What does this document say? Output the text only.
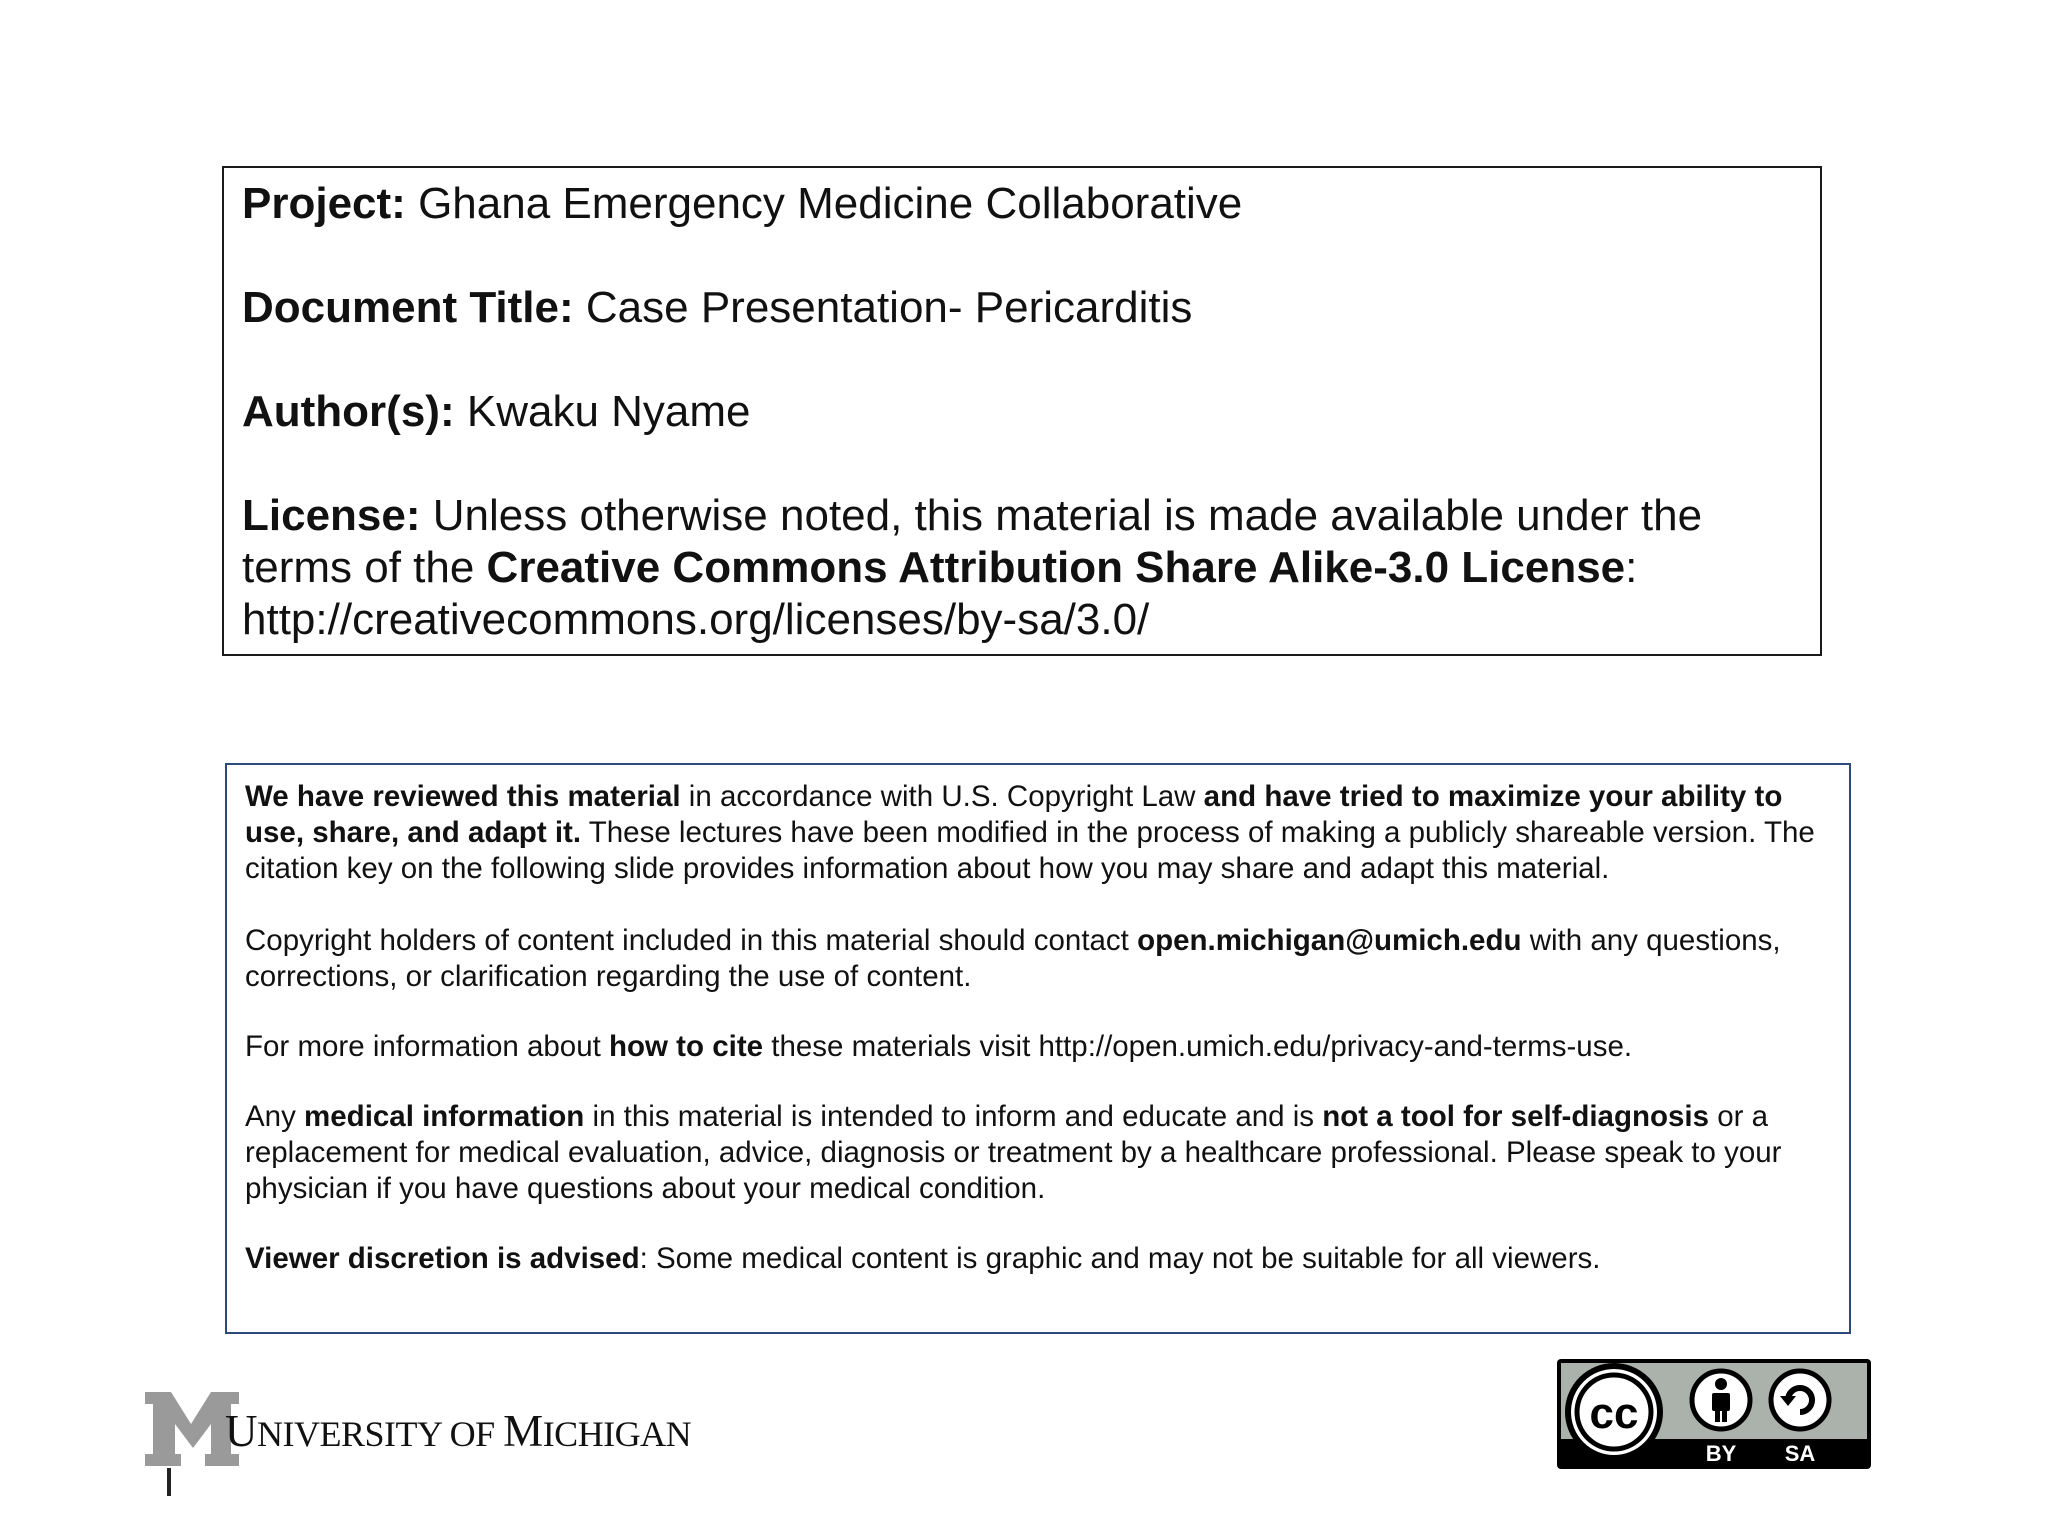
Project: Ghana Emergency Medicine Collaborative

Document Title: Case Presentation- Pericarditis

Author(s): Kwaku Nyame

License: Unless otherwise noted, this material is made available under the

terms of the Creative Commons Attribution Share Alike-3.0 License:

http://creativecommons.org/licenses/by-sa/3.0/

We have reviewed this material in accordance with U.S. Copyright Law and have tried to maximize your ability to use, share, and adapt it. These lectures have been modified in the process of making a publicly shareable version. The citation key on the following slide provides information about how you may share and adapt this material.

Copyright holders of content included in this material should contact open.michigan@umich.edu with any questions, corrections, or clarification regarding the use of content.

For more information about how to cite these materials visit http://open.umich.edu/privacy-and-terms-use.

Any medical information in this material is intended to inform and educate and is not a tool for self-diagnosis or a replacement for medical evaluation, advice, diagnosis or treatment by a healthcare professional. Please speak to your physician if you have questions about your medical condition.

Viewer discretion is advised: Some medical content is graphic and may not be suitable for all viewers.

UNIVERSITY OF MICHIGAN	cc
BY SA
